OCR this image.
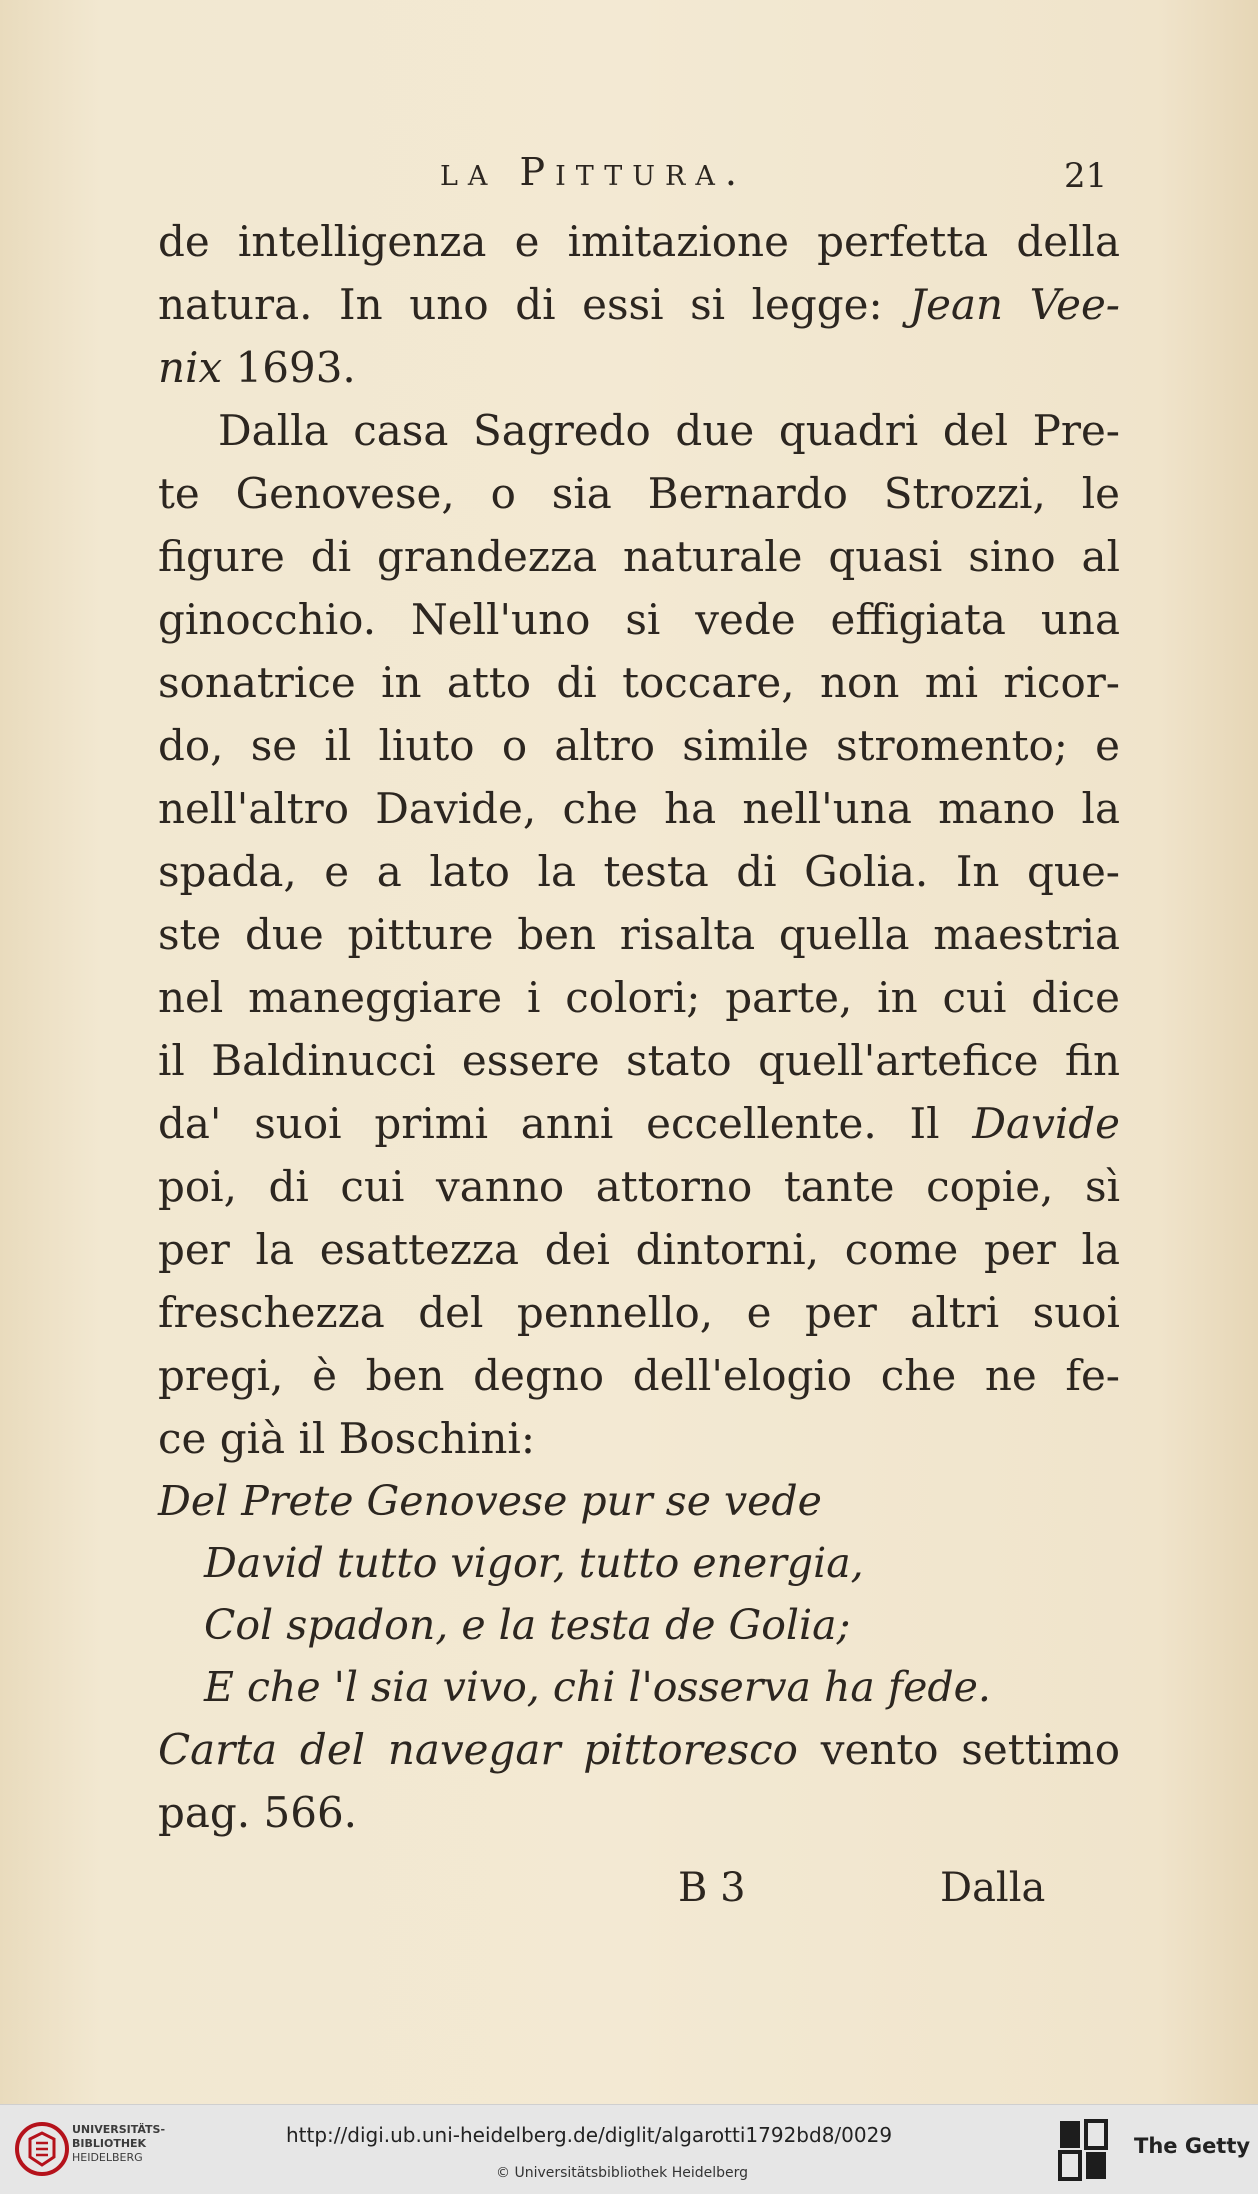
la Pittura.	21
de intelligenza e imitazione perfetta della
natura. In uno di essi si legge: Jean Vee-
nix 1693.
Dalla casa Sagredo due quadri del Pre-
te Genovese, o sia Bernardo Strozzi, le
figure di grandezza naturale quasi sino al
ginocchio. Nell'uno si vede effigiata una
sonatrice in atto di toccare, non mi ricor-
do, se il liuto o altro simile stromento; e
nell'altro Davide, che ha nell'una mano la
spada, e a lato la testa di Golia. In que-
ste due pitture ben risalta quella maestria
nel maneggiare i colori; parte, in cui dice
il Baldinucci essere stato quell'artefice fin
da' suoi primi anni eccellente. Il Davide
poi, di cui vanno attorno tante copie, sì
per la esattezza dei dintorni, come per la
freschezza del pennello, e per altri suoi
pregi, è ben degno dell'elogio che ne fe-
ce già il Boschini:
Del Prete Genovese pur se vede
David tutto vigor, tutto energia,
Col spadon, e la testa de Golia;
E che 'l sia vivo, chi l'osserva ha fede.
Carta del navegar pittoresco vento settimo
pag. 566.
B 3	Dalla
UNIVERSITÄTS-
BIBLIOTHEK
HEIDELBERG
http://digi.ub.uni-heidelberg.de/diglit/algarotti1792bd8/0029
© Universitätsbibliothek Heidelberg
The Getty
